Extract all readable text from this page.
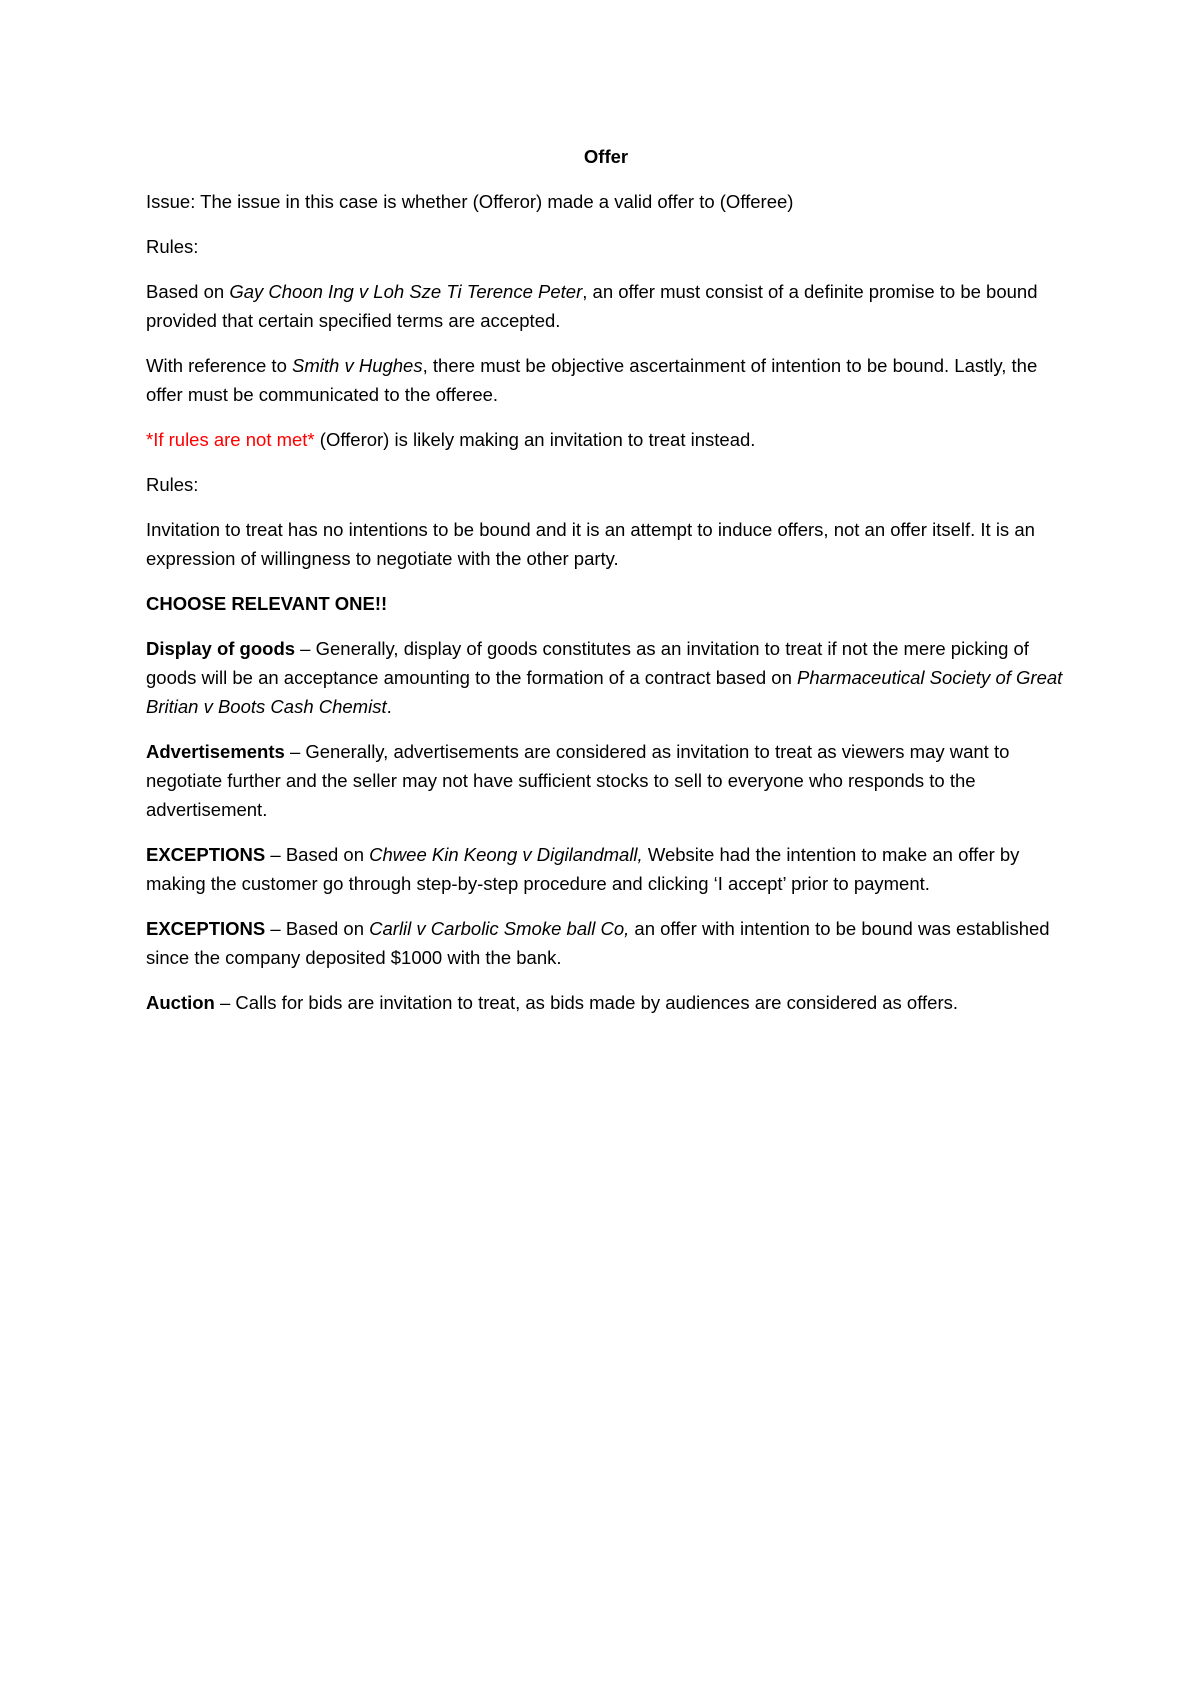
Offer

Issue: The issue in this case is whether (Offeror) made a valid offer to (Offeree)

Rules:

Based on Gay Choon Ing v Loh Sze Ti Terence Peter, an offer must consist of a definite promise to be bound provided that certain specified terms are accepted.

With reference to Smith v Hughes, there must be objective ascertainment of intention to be bound. Lastly, the offer must be communicated to the offeree.

*If rules are not met* (Offeror) is likely making an invitation to treat instead.

Rules:

Invitation to treat has no intentions to be bound and it is an attempt to induce offers, not an offer itself. It is an expression of willingness to negotiate with the other party.

CHOOSE RELEVANT ONE!!

Display of goods – Generally, display of goods constitutes as an invitation to treat if not the mere picking of goods will be an acceptance amounting to the formation of a contract based on Pharmaceutical Society of Great Britian v Boots Cash Chemist.

Advertisements – Generally, advertisements are considered as invitation to treat as viewers may want to negotiate further and the seller may not have sufficient stocks to sell to everyone who responds to the advertisement.

EXCEPTIONS – Based on Chwee Kin Keong v Digilandmall, Website had the intention to make an offer by making the customer go through step-by-step procedure and clicking ‘I accept’ prior to payment.

EXCEPTIONS – Based on Carlil v Carbolic Smoke ball Co, an offer with intention to be bound was established since the company deposited $1000 with the bank.

Auction – Calls for bids are invitation to treat, as bids made by audiences are considered as offers.
